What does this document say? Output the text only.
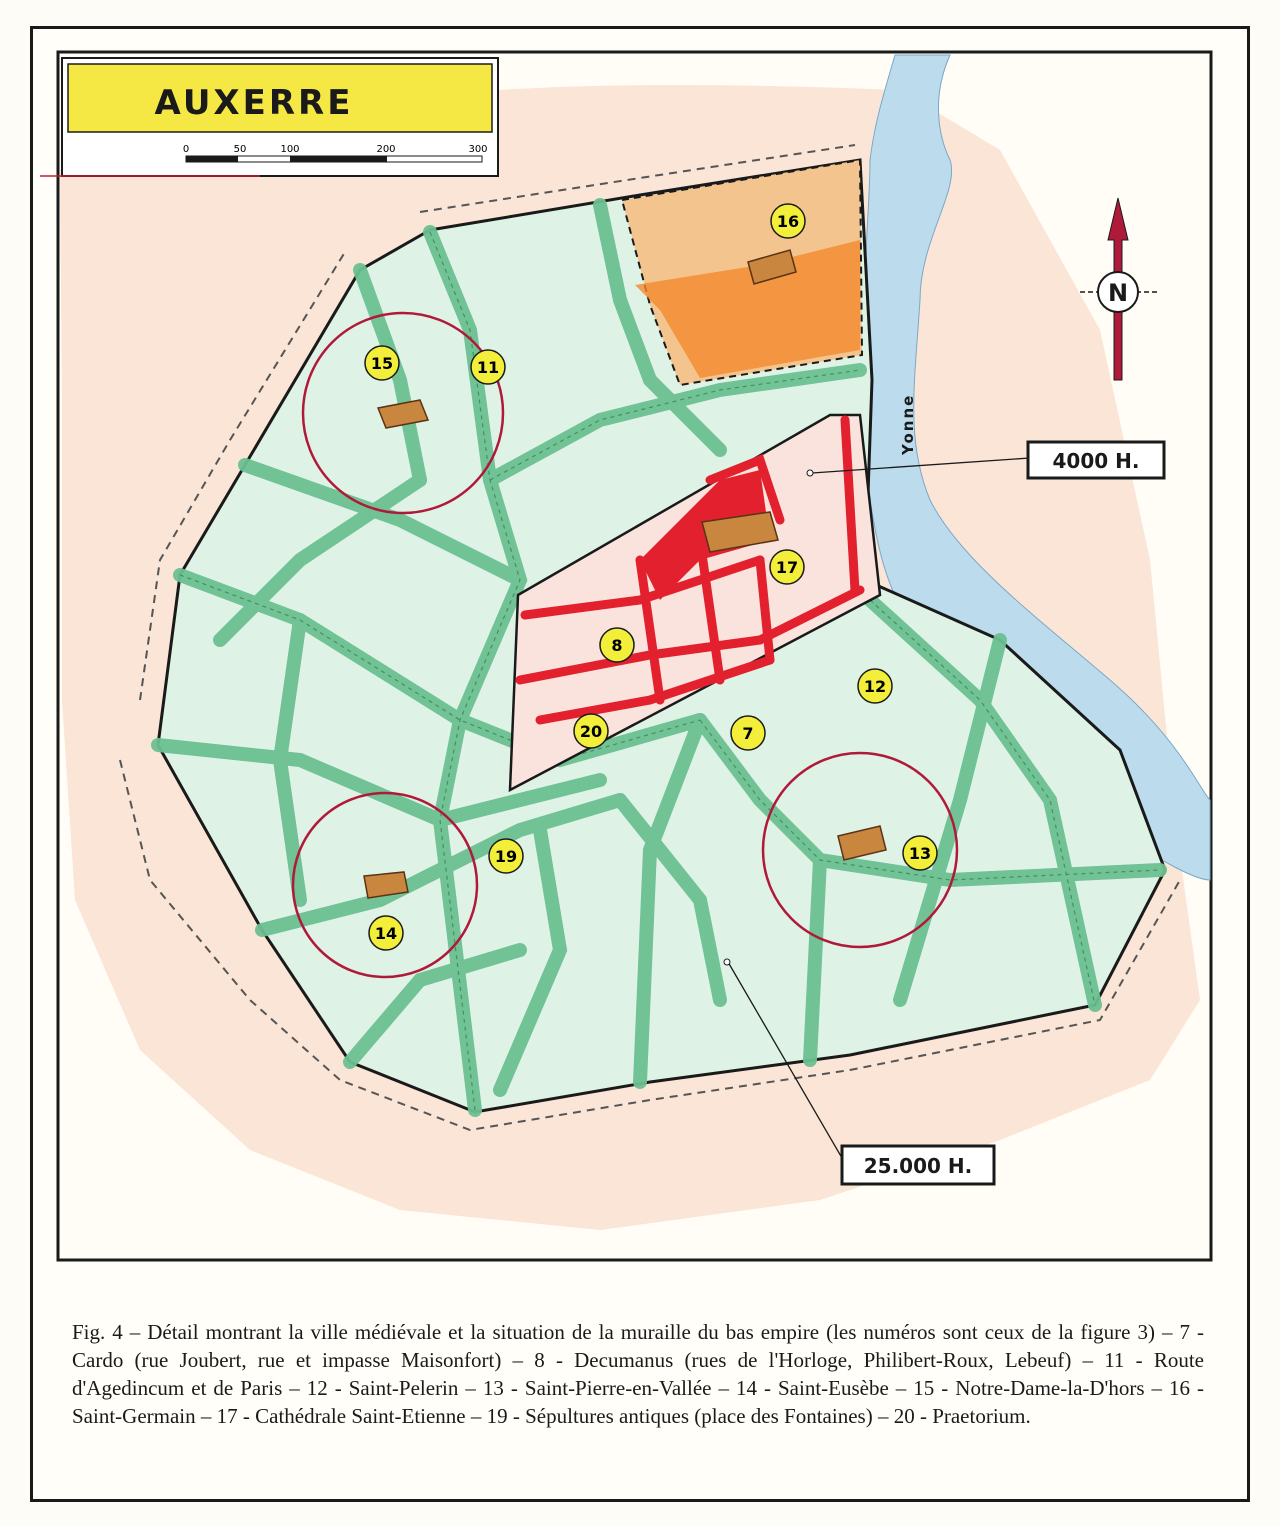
16
15	11
17
8
12
7
20
19	13
14
Yonne
4000 H.
25.000 H.
N
AUXERRE
0	50	100	200	300
Fig. 4 – Détail montrant la ville médiévale et la situation de la muraille du bas empire (les numéros sont ceux de la figure 3) – 7 - Cardo (rue Joubert, rue et impasse Maisonfort) – 8 - Decumanus (rues de l'Horloge, Philibert-Roux, Lebeuf) – 11 - Route d'Agedincum et de Paris – 12 - Saint-Pelerin – 13 - Saint-Pierre-en-Vallée – 14 - Saint-Eusèbe – 15 - Notre-Dame-la-D'hors – 16 - Saint-Germain – 17 - Cathédrale Saint-Etienne – 19 - Sépultures antiques (place des Fontaines) – 20 - Praetorium.
